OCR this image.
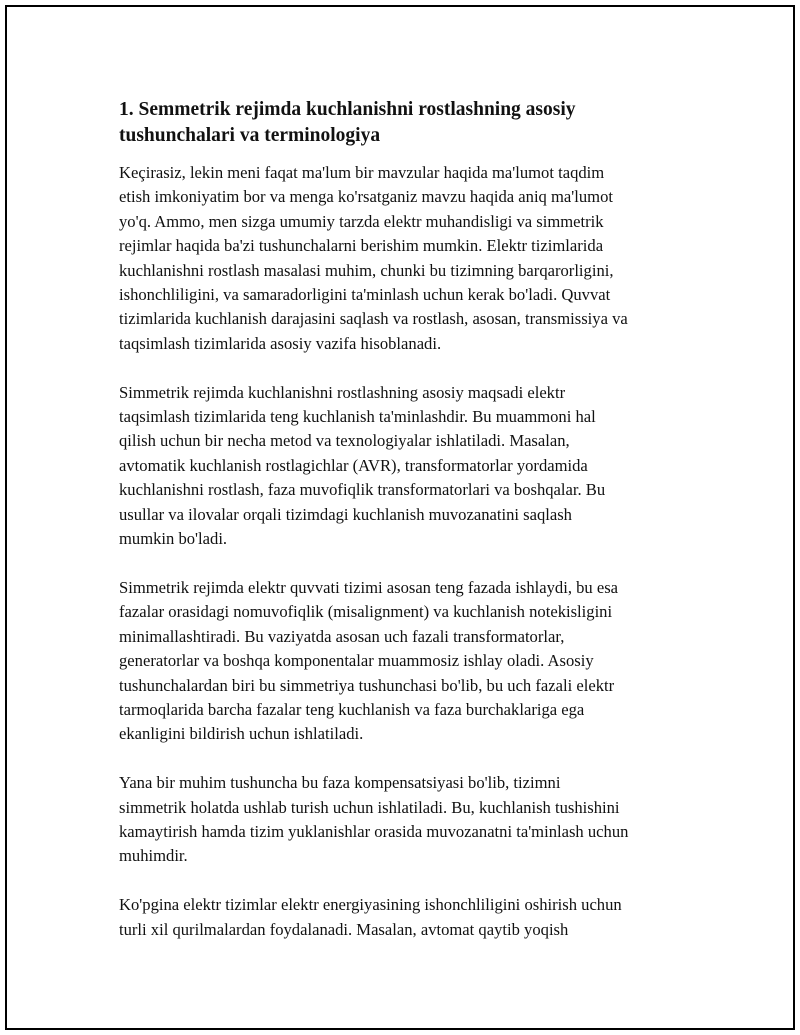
1. Semmetrik rejimda kuchlanishni rostlashning asosiy
tushunchalari va terminologiya
Keçirasiz, lekin meni faqat ma'lum bir mavzular haqida ma'lumot taqdim
etish imkoniyatim bor va menga ko'rsatganiz mavzu haqida aniq ma'lumot
yo'q. Ammo, men sizga umumiy tarzda elektr muhandisligi va simmetrik
rejimlar haqida ba'zi tushunchalarni berishim mumkin. Elektr tizimlarida
kuchlanishni rostlash masalasi muhim, chunki bu tizimning barqarorligini,
ishonchliligini, va samaradorligini ta'minlash uchun kerak bo'ladi. Quvvat
tizimlarida kuchlanish darajasini saqlash va rostlash, asosan, transmissiya va
taqsimlash tizimlarida asosiy vazifa hisoblanadi.
Simmetrik rejimda kuchlanishni rostlashning asosiy maqsadi elektr
taqsimlash tizimlarida teng kuchlanish ta'minlashdir. Bu muammoni hal
qilish uchun bir necha metod va texnologiyalar ishlatiladi. Masalan,
avtomatik kuchlanish rostlagichlar (AVR), transformatorlar yordamida
kuchlanishni rostlash, faza muvofiqlik transformatorlari va boshqalar. Bu
usullar va ilovalar orqali tizimdagi kuchlanish muvozanatini saqlash
mumkin bo'ladi.
Simmetrik rejimda elektr quvvati tizimi asosan teng fazada ishlaydi, bu esa
fazalar orasidagi nomuvofiqlik (misalignment) va kuchlanish notekisligini
minimallashtiradi. Bu vaziyatda asosan uch fazali transformatorlar,
generatorlar va boshqa komponentalar muammosiz ishlay oladi. Asosiy
tushunchalardan biri bu simmetriya tushunchasi bo'lib, bu uch fazali elektr
tarmoqlarida barcha fazalar teng kuchlanish va faza burchaklariga ega
ekanligini bildirish uchun ishlatiladi.
Yana bir muhim tushuncha bu faza kompensatsiyasi bo'lib, tizimni
simmetrik holatda ushlab turish uchun ishlatiladi. Bu, kuchlanish tushishini
kamaytirish hamda tizim yuklanishlar orasida muvozanatni ta'minlash uchun
muhimdir.
Ko'pgina elektr tizimlar elektr energiyasining ishonchliligini oshirish uchun
turli xil qurilmalardan foydalanadi. Masalan, avtomat qaytib yoqish
